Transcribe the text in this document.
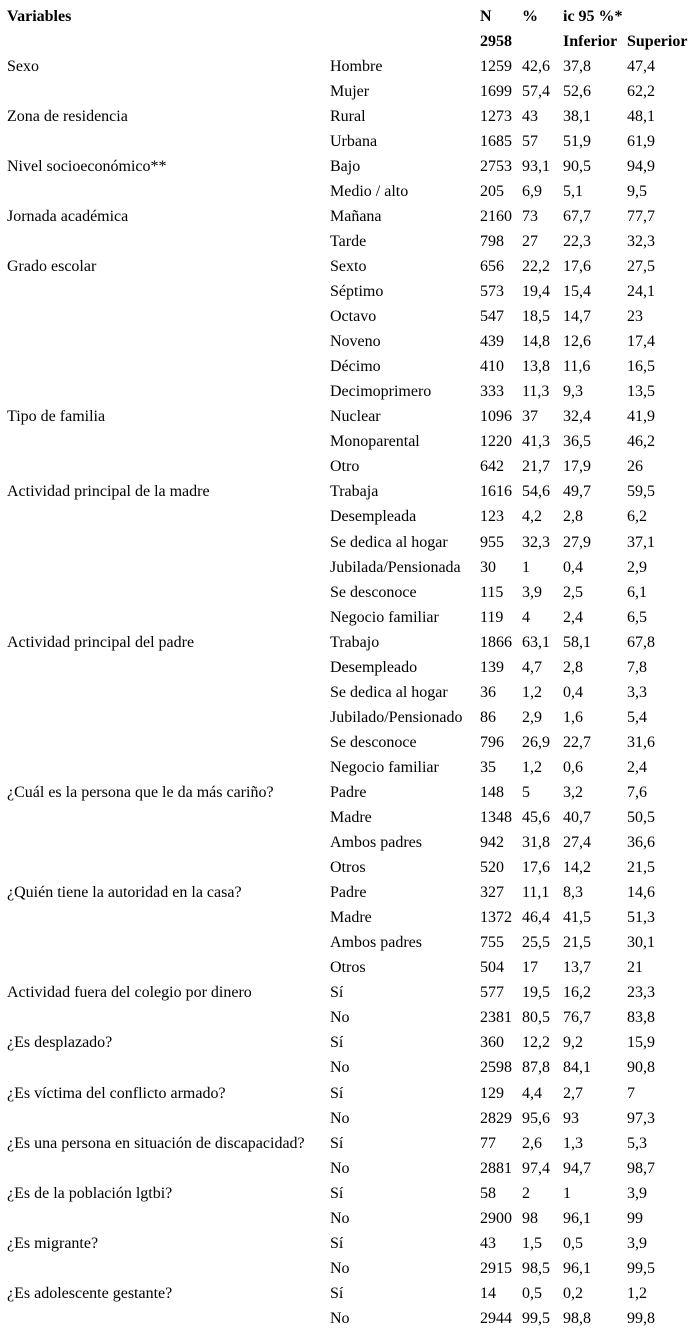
Variables		N	%	ic 95 %*	
		2958		Inferior	Superior
Sexo	Hombre	1259	42,6	37,8	47,4
	Mujer	1699	57,4	52,6	62,2
Zona de residencia	Rural	1273	43	38,1	48,1
	Urbana	1685	57	51,9	61,9
Nivel socioeconómico**	Bajo	2753	93,1	90,5	94,9
	Medio / alto	205	6,9	5,1	9,5
Jornada académica	Mañana	2160	73	67,7	77,7
	Tarde	798	27	22,3	32,3
Grado escolar	Sexto	656	22,2	17,6	27,5
	Séptimo	573	19,4	15,4	24,1
	Octavo	547	18,5	14,7	23
	Noveno	439	14,8	12,6	17,4
	Décimo	410	13,8	11,6	16,5
	Decimoprimero	333	11,3	9,3	13,5
Tipo de familia	Nuclear	1096	37	32,4	41,9
	Monoparental	1220	41,3	36,5	46,2
	Otro	642	21,7	17,9	26
Actividad principal de la madre	Trabaja	1616	54,6	49,7	59,5
	Desempleada	123	4,2	2,8	6,2
	Se dedica al hogar	955	32,3	27,9	37,1
	Jubilada/Pensionada	30	1	0,4	2,9
	Se desconoce	115	3,9	2,5	6,1
	Negocio familiar	119	4	2,4	6,5
Actividad principal del padre	Trabajo	1866	63,1	58,1	67,8
	Desempleado	139	4,7	2,8	7,8
	Se dedica al hogar	36	1,2	0,4	3,3
	Jubilado/Pensionado	86	2,9	1,6	5,4
	Se desconoce	796	26,9	22,7	31,6
	Negocio familiar	35	1,2	0,6	2,4
¿Cuál es la persona que le da más cariño?	Padre	148	5	3,2	7,6
	Madre	1348	45,6	40,7	50,5
	Ambos padres	942	31,8	27,4	36,6
	Otros	520	17,6	14,2	21,5
¿Quién tiene la autoridad en la casa?	Padre	327	11,1	8,3	14,6
	Madre	1372	46,4	41,5	51,3
	Ambos padres	755	25,5	21,5	30,1
	Otros	504	17	13,7	21
Actividad fuera del colegio por dinero	Sí	577	19,5	16,2	23,3
	No	2381	80,5	76,7	83,8
¿Es desplazado?	Sí	360	12,2	9,2	15,9
	No	2598	87,8	84,1	90,8
¿Es víctima del conflicto armado?	Sí	129	4,4	2,7	7
	No	2829	95,6	93	97,3
¿Es una persona en situación de discapacidad?	Sí	77	2,6	1,3	5,3
	No	2881	97,4	94,7	98,7
¿Es de la población lgtbi?	Sí	58	2	1	3,9
	No	2900	98	96,1	99
¿Es migrante?	Sí	43	1,5	0,5	3,9
	No	2915	98,5	96,1	99,5
¿Es adolescente gestante?	Sí	14	0,5	0,2	1,2
	No	2944	99,5	98,8	99,8
